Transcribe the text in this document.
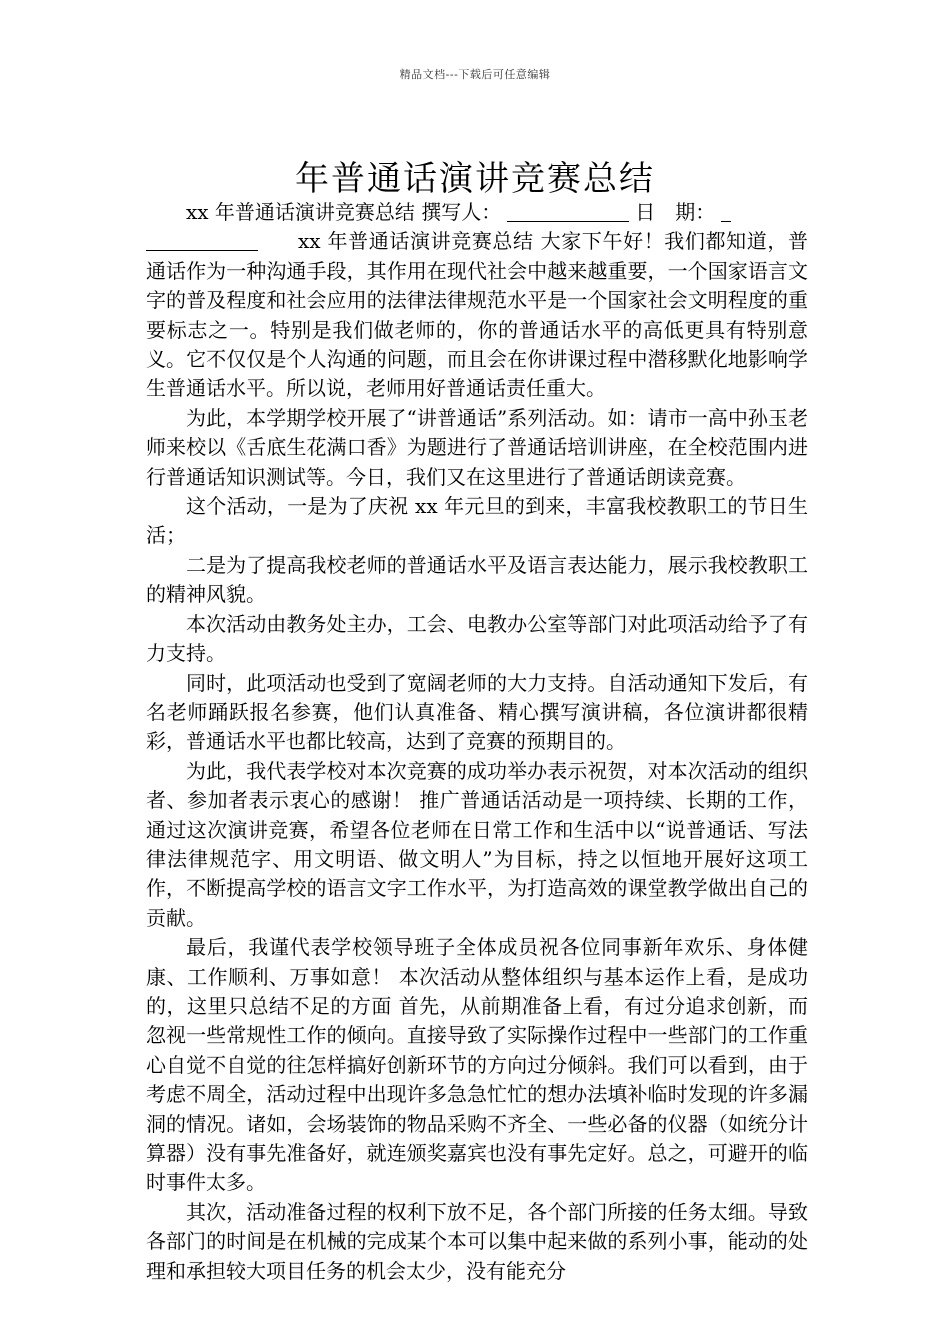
精品文档---下载后可任意编辑
年普通话演讲竞赛总结

xx 年普通话演讲竞赛总结 撰写人：	日　期：

xx 年普通话演讲竞赛总结 大家下午好！我们都知道，普通话作为一种沟通手段，其作用在现代社会中越来越重要，一个国家语言文字的普及程度和社会应用的法律法律规范水平是一个国家社会文明程度的重要标志之一。特别是我们做老师的，你的普通话水平的高低更具有特别意义。它不仅仅是个人沟通的问题，而且会在你讲课过程中潜移默化地影响学生普通话水平。所以说，老师用好普通话责任重大。

为此，本学期学校开展了“讲普通话”系列活动。如：请市一高中孙玉老师来校以《舌底生花满口香》为题进行了普通话培训讲座，在全校范围内进行普通话知识测试等。今日，我们又在这里进行了普通话朗读竞赛。

这个活动，一是为了庆祝 xx 年元旦的到来，丰富我校教职工的节日生活；

二是为了提高我校老师的普通话水平及语言表达能力，展示我校教职工的精神风貌。

本次活动由教务处主办，工会、电教办公室等部门对此项活动给予了有力支持。

同时，此项活动也受到了宽阔老师的大力支持。自活动通知下发后，有 名老师踊跃报名参赛，他们认真准备、精心撰写演讲稿，各位演讲都很精彩，普通话水平也都比较高，达到了竞赛的预期目的。

为此，我代表学校对本次竞赛的成功举办表示祝贺，对本次活动的组织者、参加者表示衷心的感谢！ 推广普通话活动是一项持续、长期的工作，通过这次演讲竞赛，希望各位老师在日常工作和生活中以“说普通话、写法律法律规范字、用文明语、做文明人”为目标，持之以恒地开展好这项工作，不断提高学校的语言文字工作水平，为打造高效的课堂教学做出自己的贡献。

最后，我谨代表学校领导班子全体成员祝各位同事新年欢乐、身体健康、工作顺利、万事如意！ 本次活动从整体组织与基本运作上看，是成功的，这里只总结不足的方面 首先，从前期准备上看，有过分追求创新，而忽视一些常规性工作的倾向。直接导致了实际操作过程中一些部门的工作重心自觉不自觉的往怎样搞好创新环节的方向过分倾斜。我们可以看到，由于考虑不周全，活动过程中出现许多急急忙忙的想办法填补临时发现的许多漏洞的情况。诸如，会场装饰的物品采购不齐全、一些必备的仪器（如统分计算器）没有事先准备好，就连颁奖嘉宾也没有事先定好。总之，可避开的临时事件太多。

其次，活动准备过程的权利下放不足，各个部门所接的任务太细。导致各部门的时间是在机械的完成某个本可以集中起来做的系列小事，能动的处理和承担较大项目任务的机会太少，没有能充分
